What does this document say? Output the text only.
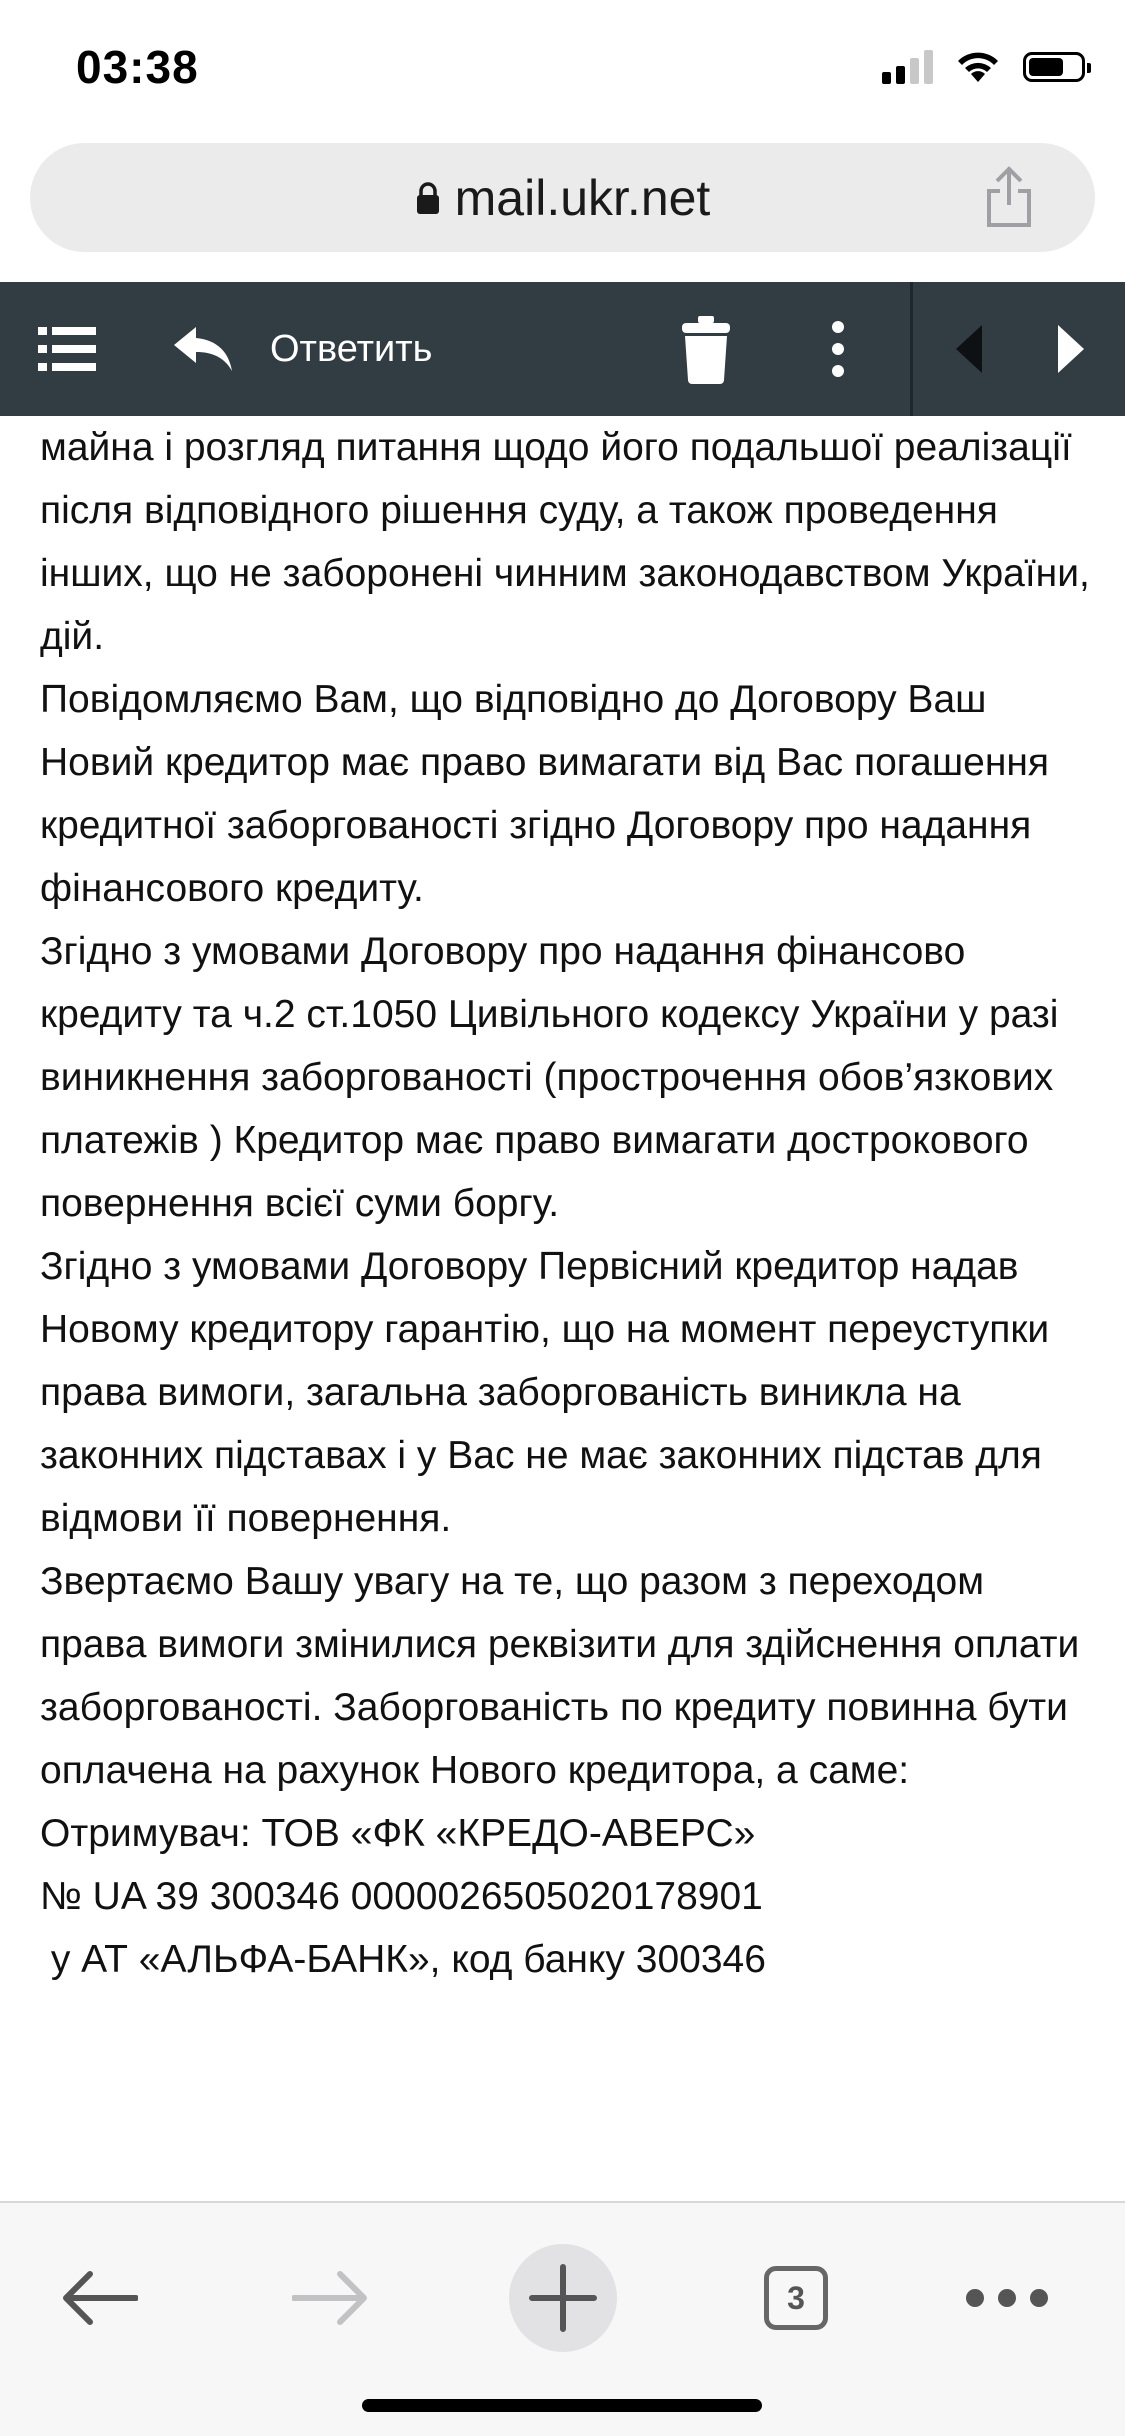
03:38
mail.ukr.net
Ответить

майна і розгляд питання щодо його подальшої реалізації після відповідного рішення суду, а також проведення інших, що не заборонені чинним законодавством України, дій.

Повідомляємо Вам, що відповідно до Договору Ваш Новий кредитор має право вимагати від Вас погашення кредитної заборгованості згідно Договору про надання фінансового кредиту.

Згідно з умовами Договору про надання фінансово кредиту та ч.2 ст.1050 Цивільного кодексу України у разі виникнення заборгованості (прострочення обов’язкових платежів ) Кредитор має право вимагати дострокового повернення всієї суми боргу.

Згідно з умовами Договору Первісний кредитор надав Новому кредитору гарантію, що на момент переуступки права вимоги, загальна заборгованість виникла на законних підставах і у Вас не має законних підстав для відмови її повернення.

Звертаємо Вашу увагу на те, що разом з переходом права вимоги змінилися реквізити для здійснення оплати заборгованості. Заборгованість по кредиту повинна бути оплачена на рахунок Нового кредитора, а саме:

Отримувач: ТОВ «ФК «КРЕДО-АВЕРС»

№ UA 39 300346 0000026505020178901

у АТ «АЛЬФА-БАНК», код банку 300346

3
